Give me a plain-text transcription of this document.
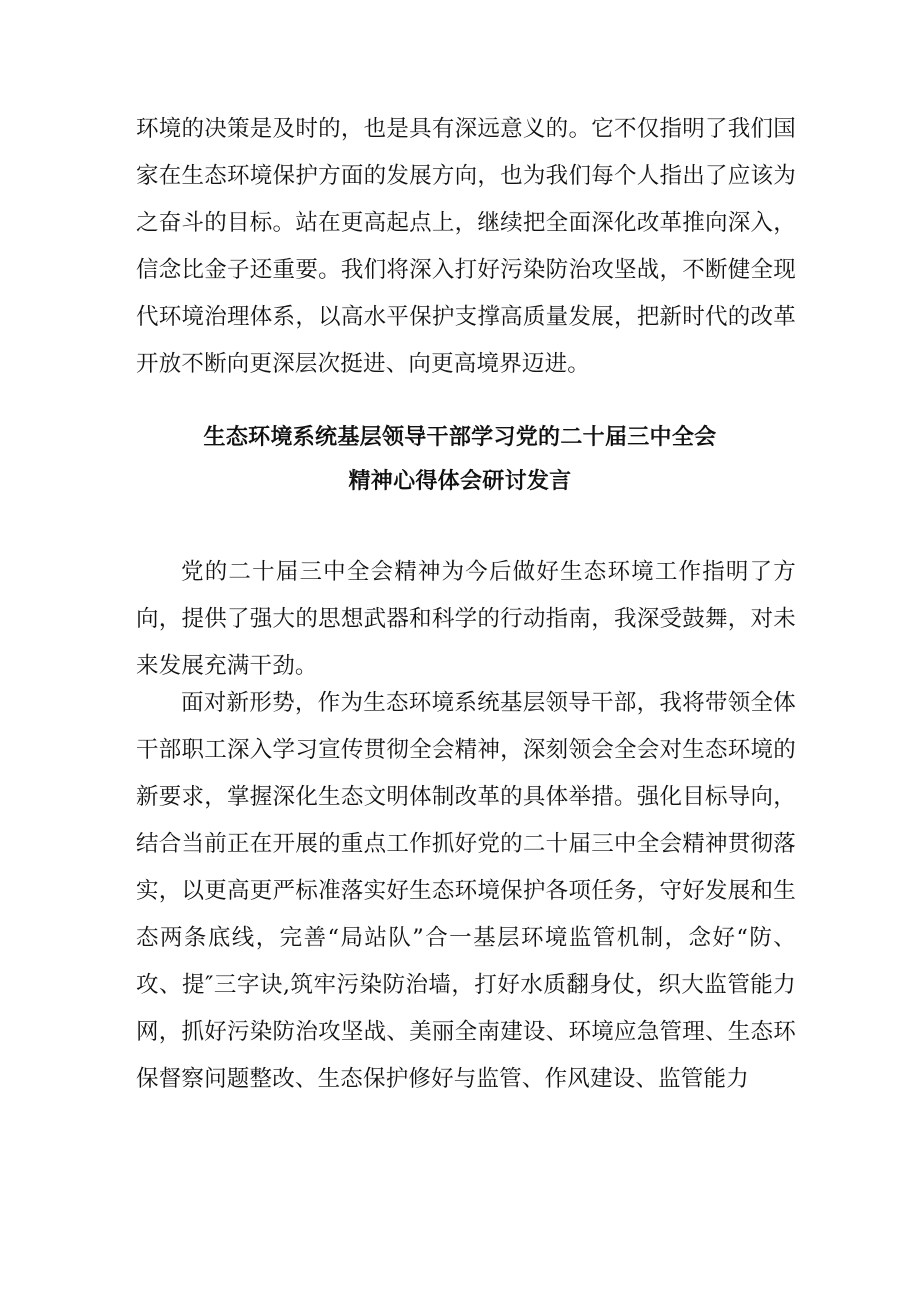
环境的决策是及时的，也是具有深远意义的。它不仅指明了我们国家在生态环境保护方面的发展方向，也为我们每个人指出了应该为之奋斗的目标。站在更高起点上，继续把全面深化改革推向深入，信念比金子还重要。我们将深入打好污染防治攻坚战，不断健全现代环境治理体系，以高水平保护支撑高质量发展，把新时代的改革开放不断向更深层次挺进、向更高境界迈进。

生态环境系统基层领导干部学习党的二十届三中全会
精神心得体会研讨发言

党的二十届三中全会精神为今后做好生态环境工作指明了方向，提供了强大的思想武器和科学的行动指南，我深受鼓舞，对未来发展充满干劲。

面对新形势，作为生态环境系统基层领导干部，我将带领全体干部职工深入学习宣传贯彻全会精神，深刻领会全会对生态环境的新要求，掌握深化生态文明体制改革的具体举措。强化目标导向，结合当前正在开展的重点工作抓好党的二十届三中全会精神贯彻落实，以更高更严标准落实好生态环境保护各项任务，守好发展和生态两条底线，完善“局站队”合一基层环境监管机制，念好“防、攻、提″三字诀,筑牢污染防治墙，打好水质翻身仗，织大监管能力网，抓好污染防治攻坚战、美丽全南建设、环境应急管理、生态环保督察问题整改、生态保护修好与监管、作风建设、监管能力
